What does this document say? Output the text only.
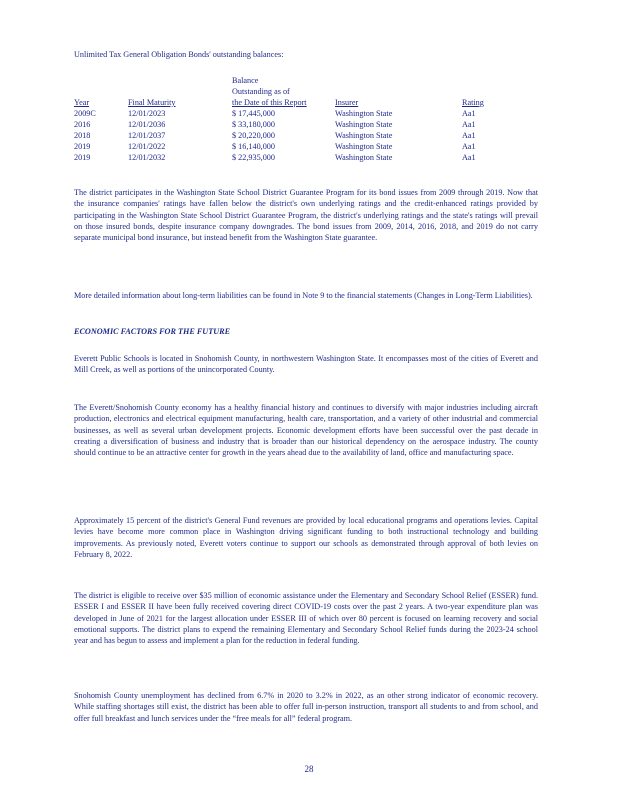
Unlimited Tax General Obligation Bonds' outstanding balances:
		Balance		
		Outstanding as of		
Year	Final Maturity	the Date of this Report	Insurer	Rating
2009C	12/01/2023	$ 17,445,000	Washington State	Aa1
2016	12/01/2036	$ 33,180,000	Washington State	Aa1
2018	12/01/2037	$ 20,220,000	Washington State	Aa1
2019	12/01/2022	$ 16,140,000	Washington State	Aa1
2019	12/01/2032	$ 22,935,000	Washington State	Aa1
The district participates in the Washington State School District Guarantee Program for its bond issues from 2009 through 2019. Now that the insurance companies' ratings have fallen below the district's own underlying ratings and the credit-enhanced ratings provided by participating in the Washington State School District Guarantee Program, the district's underlying ratings and the state's ratings will prevail on those insured bonds, despite insurance company downgrades. The bond issues from 2009, 2014, 2016, 2018, and 2019 do not carry separate municipal bond insurance, but instead benefit from the Washington State guarantee.
More detailed information about long-term liabilities can be found in Note 9 to the financial statements (Changes in Long-Term Liabilities).
ECONOMIC FACTORS FOR THE FUTURE
Everett Public Schools is located in Snohomish County, in northwestern Washington State. It encompasses most of the cities of Everett and Mill Creek, as well as portions of the unincorporated County.
The Everett/Snohomish County economy has a healthy financial history and continues to diversify with major industries including aircraft production, electronics and electrical equipment manufacturing, health care, transportation, and a variety of other industrial and commercial businesses, as well as several urban development projects. Economic development efforts have been successful over the past decade in creating a diversification of business and industry that is broader than our historical dependency on the aerospace industry. The county should continue to be an attractive center for growth in the years ahead due to the availability of land, office and manufacturing space.
Approximately 15 percent of the district's General Fund revenues are provided by local educational programs and operations levies. Capital levies have become more common place in Washington driving significant funding to both instructional technology and building improvements. As previously noted, Everett voters continue to support our schools as demonstrated through approval of both levies on February 8, 2022.
The district is eligible to receive over $35 million of economic assistance under the Elementary and Secondary School Relief (ESSER) fund. ESSER I and ESSER II have been fully received covering direct COVID-19 costs over the past 2 years. A two-year expenditure plan was developed in June of 2021 for the largest allocation under ESSER III of which over 80 percent is focused on learning recovery and social emotional supports. The district plans to expend the remaining Elementary and Secondary School Relief funds during the 2023-24 school year and has begun to assess and implement a plan for the reduction in federal funding.
Snohomish County unemployment has declined from 6.7% in 2020 to 3.2% in 2022, as an other strong indicator of economic recovery. While staffing shortages still exist, the district has been able to offer full in-person instruction, transport all students to and from school, and offer full breakfast and lunch services under the “free meals for all” federal program.
28
